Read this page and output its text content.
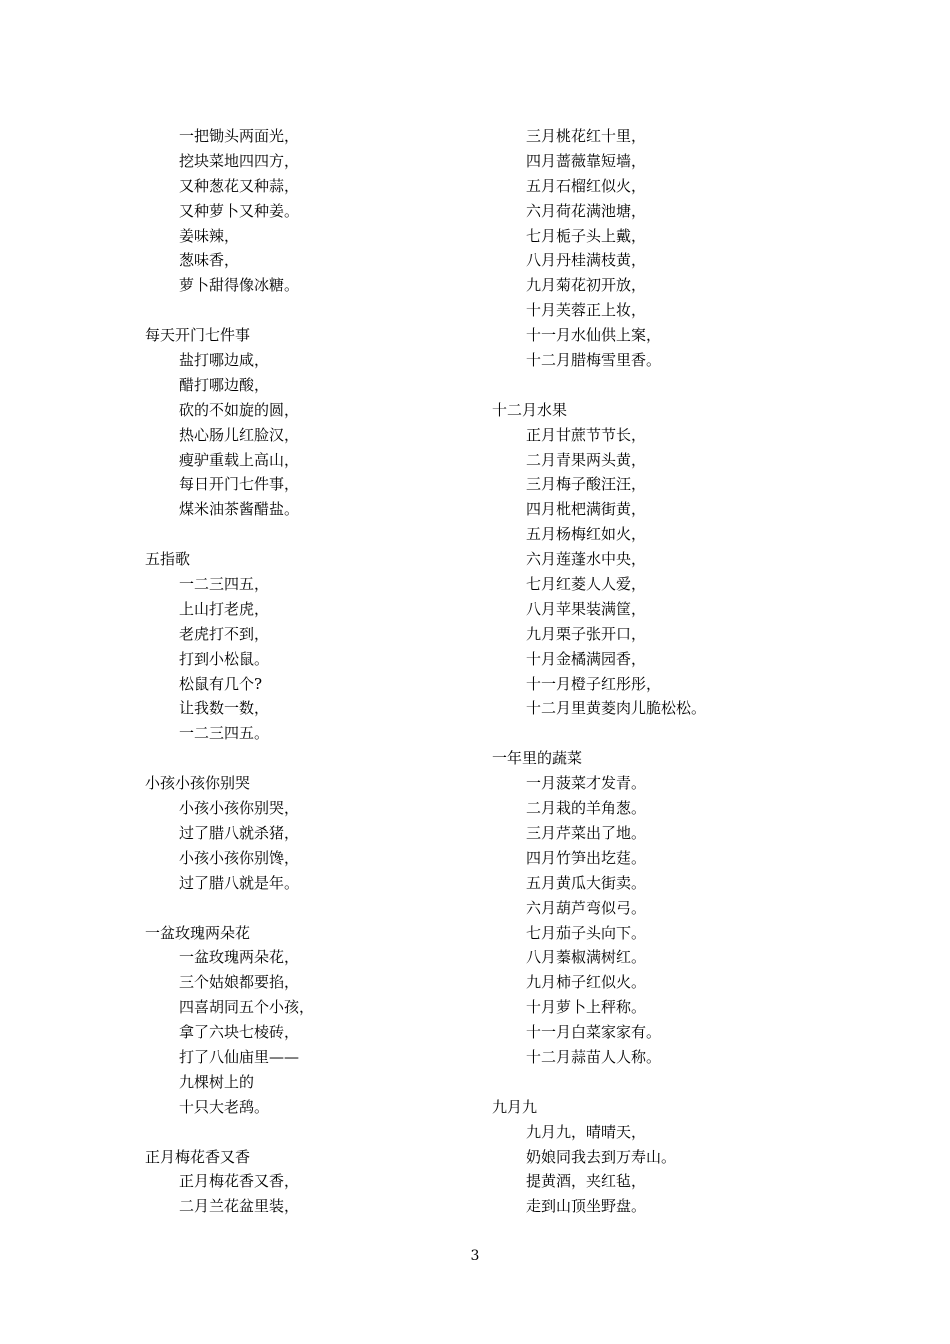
一把锄头两面光，
挖块菜地四四方，
又种葱花又种蒜，
又种萝卜又种姜。
姜味辣，
葱味香，
萝卜甜得像冰糖。
每天开门七件事
盐打哪边咸，
醋打哪边酸，
砍的不如旋的圆，
热心肠儿红脸汉，
瘦驴重载上高山，
每日开门七件事，
煤米油茶酱醋盐。
五指歌
一二三四五，
上山打老虎，
老虎打不到，
打到小松鼠。
松鼠有几个?
让我数一数，
一二三四五。
小孩小孩你别哭
小孩小孩你别哭，
过了腊八就杀猪，
小孩小孩你别馋，
过了腊八就是年。
一盆玫瑰两朵花
一盆玫瑰两朵花，
三个姑娘都要掐，
四喜胡同五个小孩，
拿了六块七棱砖，
打了八仙庙里——
九棵树上的
十只大老鸹。
正月梅花香又香
正月梅花香又香，
二月兰花盆里装，
三月桃花红十里，
四月蔷薇靠短墙，
五月石榴红似火，
六月荷花满池塘，
七月栀子头上戴，
八月丹桂满枝黄，
九月菊花初开放，
十月芙蓉正上妆，
十一月水仙供上案，
十二月腊梅雪里香。
十二月水果
正月甘蔗节节长，
二月青果两头黄，
三月梅子酸汪汪，
四月枇杷满街黄，
五月杨梅红如火，
六月莲蓬水中央，
七月红菱人人爱，
八月苹果装满筐，
九月栗子张开口，
十月金橘满园香，
十一月橙子红彤彤，
十二月里黄菱肉儿脆松松。
一年里的蔬菜
一月菠菜才发青。
二月栽的羊角葱。
三月芹菜出了地。
四月竹笋出圪莛。
五月黄瓜大街卖。
六月葫芦弯似弓。
七月茄子头向下。
八月蓁椒满树红。
九月柿子红似火。
十月萝卜上秤称。
十一月白菜家家有。
十二月蒜苗人人称。
九月九
九月九，晴晴天，
奶娘同我去到万寿山。
提黄酒，夹红毡，
走到山顶坐野盘。
3
